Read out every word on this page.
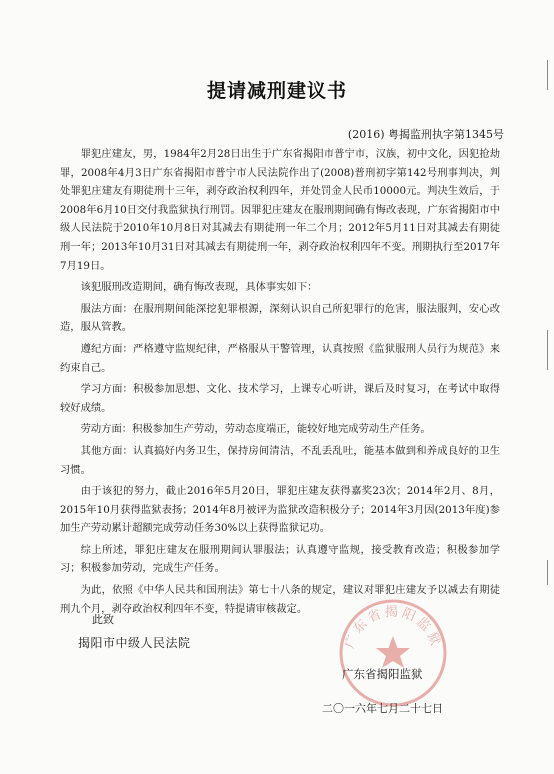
提请减刑建议书
(2016) 粤揭监刑执字第1345号

罪犯庄建友，男，1984年2月28日出生于广东省揭阳市普宁市，汉族，初中文化，因犯抢劫罪，2008年4月3日广东省揭阳市普宁市人民法院作出了(2008)普刑初字第142号刑事判决，判处罪犯庄建友有期徒刑十三年，剥夺政治权利四年，并处罚金人民币10000元。判决生效后，于2008年6月10日交付我监狱执行刑罚。因罪犯庄建友在服刑期间确有悔改表现，广东省揭阳市中级人民法院于2010年10月8日对其减去有期徒刑一年二个月；2012年5月11日对其减去有期徒刑一年；2013年10月31日对其减去有期徒刑一年，剥夺政治权利四年不变。刑期执行至2017年7月19日。

该犯服刑改造期间，确有悔改表现，具体事实如下：

服法方面：在服刑期间能深挖犯罪根源，深刻认识自己所犯罪行的危害，服法服判，安心改造，服从管教。

遵纪方面：严格遵守监规纪律，严格服从干警管理，认真按照《监狱服刑人员行为规范》来约束自己。

学习方面：积极参加思想、文化、技术学习，上课专心听讲，课后及时复习，在考试中取得较好成绩。

劳动方面：积极参加生产劳动，劳动态度端正，能较好地完成劳动生产任务。

其他方面：认真搞好内务卫生，保持房间清洁，不乱丢乱吐，能基本做到和养成良好的卫生习惯。

由于该犯的努力，截止2016年5月20日，罪犯庄建友获得嘉奖23次；2014年2月、8月，2015年10月获得监狱表扬；2014年8月被评为监狱改造积极分子；2014年3月因(2013年度)参加生产劳动累计超额完成劳动任务30%以上获得监狱记功。

综上所述，罪犯庄建友在服刑期间认罪服法；认真遵守监规，接受教育改造；积极参加学习；积极参加劳动，完成生产任务。

为此，依照《中华人民共和国刑法》第七十八条的规定，建议对罪犯庄建友予以减去有期徒刑九个月，剥夺政治权利四年不变，特提请审核裁定。

此致
揭阳市中级人民法院	广东省揭阳监狱
广东省揭阳监狱
二〇一六年七月二十七日
